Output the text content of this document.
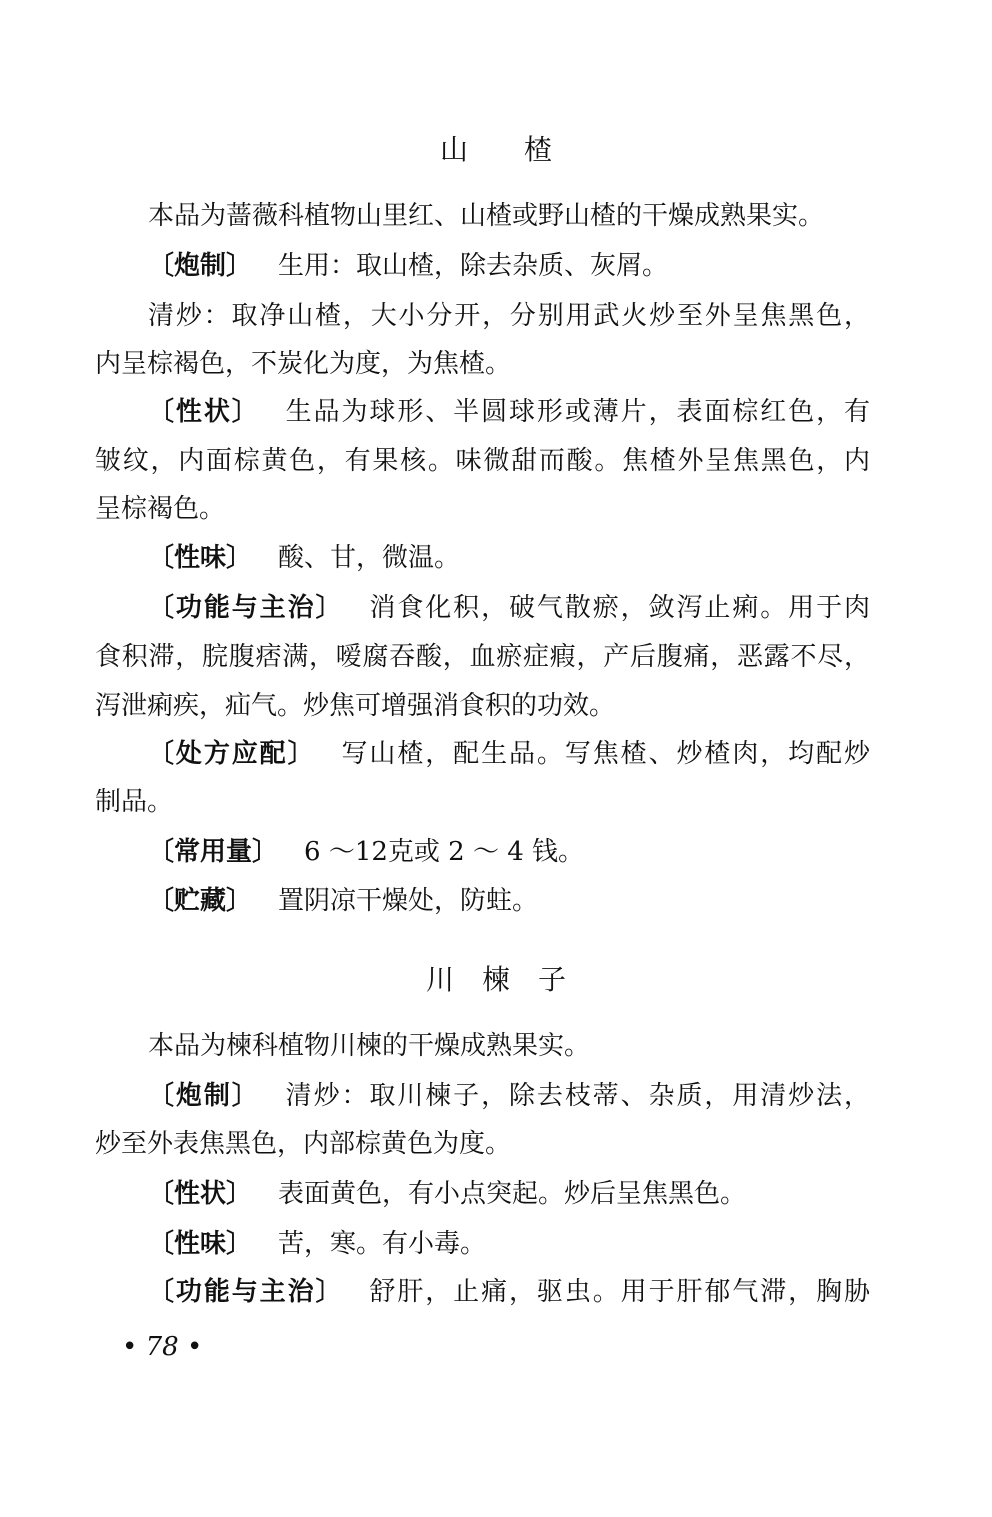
山　　楂
本品为蔷薇科植物山里红、山楂或野山楂的干燥成熟果实。
〔炮制〕 生用：取山楂，除去杂质、灰屑。
清炒：取净山楂，大小分开，分别用武火炒至外呈焦黑色，
内呈棕褐色，不炭化为度，为焦楂。
〔性状〕 生品为球形、半圆球形或薄片，表面棕红色，有
皱纹，内面棕黄色，有果核。味微甜而酸。焦楂外呈焦黑色，内
呈棕褐色。
〔性味〕 酸、甘，微温。
〔功能与主治〕 消食化积，破气散瘀，敛泻止痢。用于肉
食积滞，脘腹痞满，嗳腐吞酸，血瘀症瘕，产后腹痛，恶露不尽，
泻泄痢疾，疝气。炒焦可增强消食积的功效。
〔处方应配〕 写山楂，配生品。写焦楂、炒楂肉，均配炒
制品。
〔常用量〕 6 ～12克或 2 ～ 4 钱。
〔贮藏〕 置阴凉干燥处，防蛀。
川　楝　子
本品为楝科植物川楝的干燥成熟果实。
〔炮制〕 清炒：取川楝子，除去枝蒂、杂质，用清炒法，
炒至外表焦黑色，内部棕黄色为度。
〔性状〕 表面黄色，有小点突起。炒后呈焦黑色。
〔性味〕 苦，寒。有小毒。
〔功能与主治〕 舒肝，止痛，驱虫。用于肝郁气滞，胸胁
• 78 •
